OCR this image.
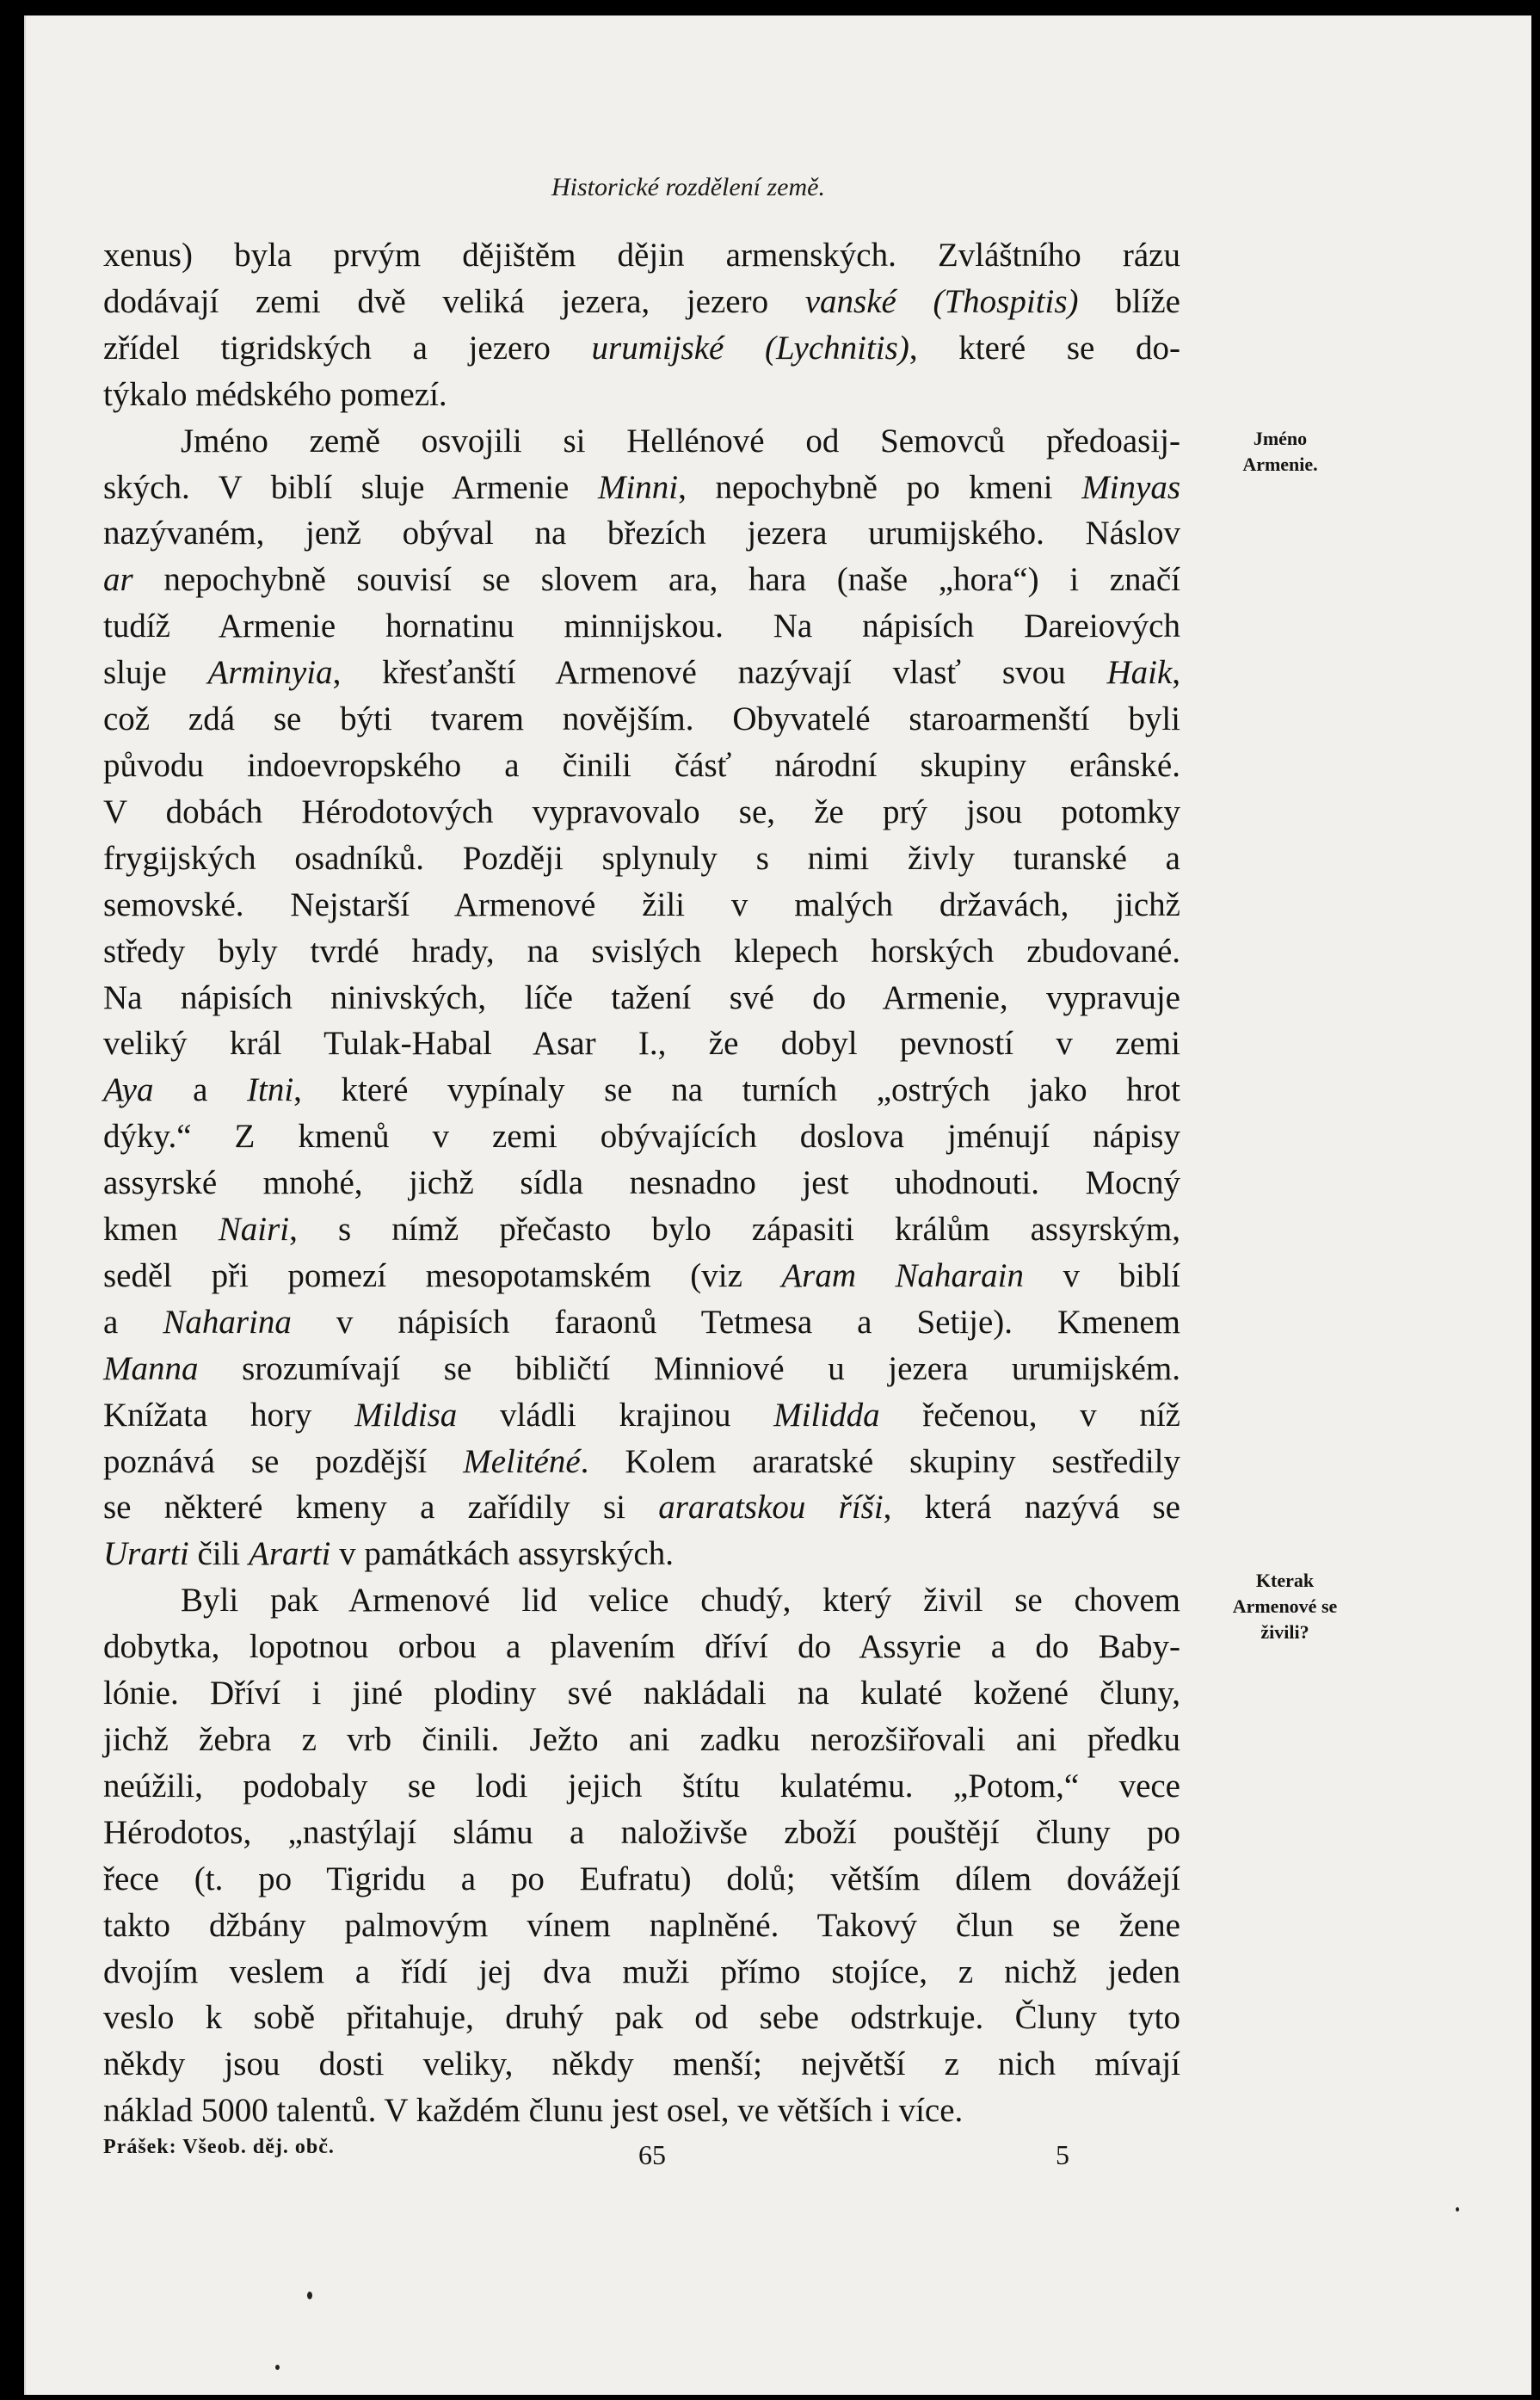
Historické rozdělení země.

xenus) byla prvým dějištěm dějin armenských. Zvláštního rázu

dodávají zemi dvě veliká jezera, jezero vanské (Thospitis) blíže

zřídel tigridských a jezero urumijské (Lychnitis), které se do-

týkalo médského pomezí.

Jméno země osvojili si Hellénové od Semovců předoasij-

ských. V biblí sluje Armenie Minni, nepochybně po kmeni Minyas

nazývaném, jenž obýval na březích jezera urumijského. Náslov

ar nepochybně souvisí se slovem ara, hara (naše „hora“) i značí

tudíž Armenie hornatinu minnijskou. Na nápisích Dareiových

sluje Arminyia, křesťanští Armenové nazývají vlasť svou Haik,

což zdá se býti tvarem novějším. Obyvatelé staroarmenští byli

původu indoevropského a činili čásť národní skupiny erânské.

V dobách Hérodotových vypravovalo se, že prý jsou potomky

frygijských osadníků. Později splynuly s nimi živly turanské a

semovské. Nejstarší Armenové žili v malých državách, jichž

středy byly tvrdé hrady, na svislých klepech horských zbudované.

Na nápisích ninivských, líče tažení své do Armenie, vypravuje

veliký král Tulak-Habal Asar I., že dobyl pevností v zemi

Aya a Itni, které vypínaly se na turních „ostrých jako hrot

dýky.“ Z kmenů v zemi obývajících doslova jménují nápisy

assyrské mnohé, jichž sídla nesnadno jest uhodnouti. Mocný

kmen Nairi, s nímž přečasto bylo zápasiti králům assyrským,

seděl při pomezí mesopotamském (viz Aram Naharain v biblí

a Naharina v nápisích faraonů Tetmesa a Setije). Kmenem

Manna srozumívají se bibličtí Minniové u jezera urumijském.

Knížata hory Mildisa vládli krajinou Milidda řečenou, v níž

poznává se pozdější Meliténé. Kolem araratské skupiny sestředily

se některé kmeny a zařídily si araratskou říši, která nazývá se

Urarti čili Ararti v památkách assyrských.

Byli pak Armenové lid velice chudý, který živil se chovem

dobytka, lopotnou orbou a plavením dříví do Assyrie a do Baby-

lónie. Dříví i jiné plodiny své nakládali na kulaté kožené čluny,

jichž žebra z vrb činili. Ježto ani zadku nerozšiřovali ani předku

neúžili, podobaly se lodi jejich štítu kulatému. „Potom,“ vece

Hérodotos, „nastýlají slámu a naloživše zboží pouštějí čluny po

řece (t. po Tigridu a po Eufratu) dolů; větším dílem dovážejí

takto džbány palmovým vínem naplněné. Takový člun se žene

dvojím veslem a řídí jej dva muži přímo stojíce, z nichž jeden

veslo k sobě přitahuje, druhý pak od sebe odstrkuje. Čluny tyto

někdy jsou dosti veliky, někdy menší; největší z nich mívají

náklad 5000 talentů. V každém člunu jest osel, ve větších i více.

Jméno
Armenie.
Kterak
Armenové se
živili?
Prášek: Všeob. děj. obč.	65	5
